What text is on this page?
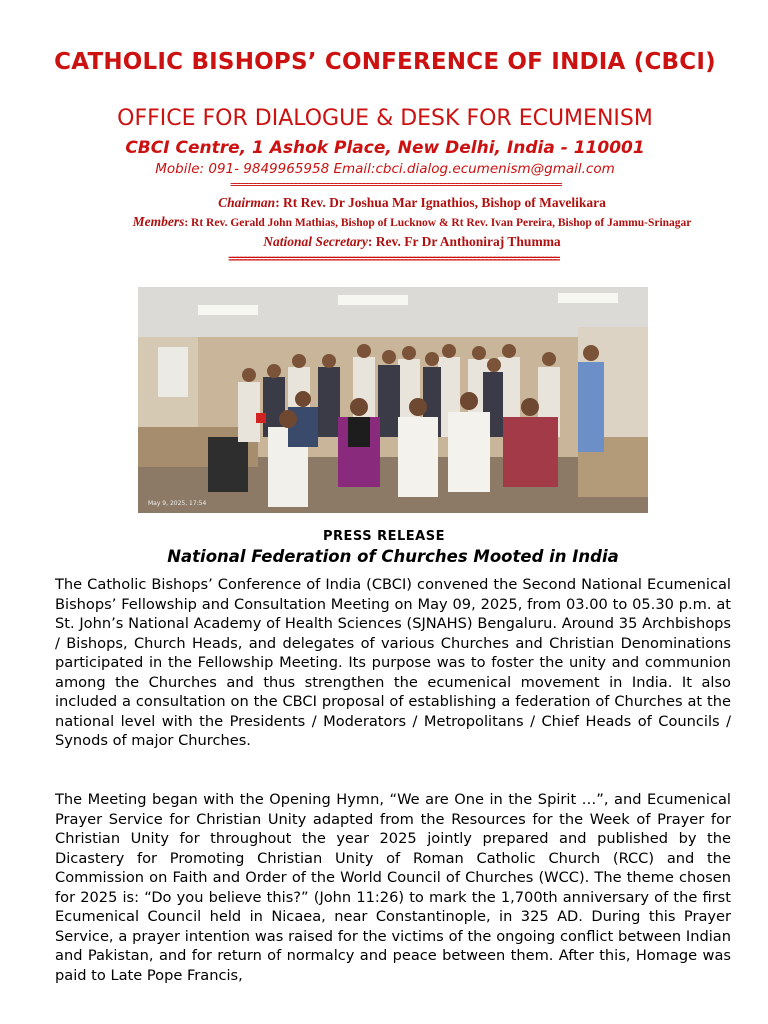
CATHOLIC BISHOPS’ CONFERENCE OF INDIA (CBCI)
OFFICE FOR DIALOGUE & DESK FOR ECUMENISM
CBCI Centre, 1 Ashok Place, New Delhi, India - 110001
Mobile: 091- 9849965958 Email:cbci.dialog.ecumenism@gmail.com
==================================================================================
Chairman: Rt Rev. Dr Joshua Mar Ignathios, Bishop of Mavelikara
Members: Rt Rev. Gerald John Mathias, Bishop of Lucknow & Rt Rev. Ivan Pereira, Bishop of Jammu-Srinagar
National Secretary: Rev. Fr Dr Anthoniraj Thumma
==================================================================================
May 9, 2025, 17:54
PRESS RELEASE
National Federation of Churches Mooted in India
The Catholic Bishops’ Conference of India (CBCI) convened the Second National Ecumenical Bishops’ Fellowship and Consultation Meeting on May 09, 2025, from 03.00 to 05.30 p.m. at St. John’s National Academy of Health Sciences (SJNAHS) Bengaluru. Around 35 Archbishops / Bishops, Church Heads, and delegates of various Churches and Christian Denominations participated in the Fellowship Meeting. Its purpose was to foster the unity and communion among the Churches and thus strengthen the ecumenical movement in India. It also included a consultation on the CBCI proposal of establishing a federation of Churches at the national level with the Presidents / Moderators / Metropolitans / Chief Heads of Councils / Synods of major Churches.
The Meeting began with the Opening Hymn, “We are One in the Spirit …”, and Ecumenical Prayer Service for Christian Unity adapted from the Resources for the Week of Prayer for Christian Unity for throughout the year 2025 jointly prepared and published by the Dicastery for Promoting Christian Unity of Roman Catholic Church (RCC) and the Commission on Faith and Order of the World Council of Churches (WCC). The theme chosen for 2025 is: “Do you believe this?” (John 11:26) to mark the 1,700th anniversary of the first Ecumenical Council held in Nicaea, near Constantinople, in 325 AD. During this Prayer Service, a prayer intention was raised for the victims of the ongoing conflict between Indian and Pakistan, and for return of normalcy and peace between them. After this, Homage was paid to Late Pope Francis,
